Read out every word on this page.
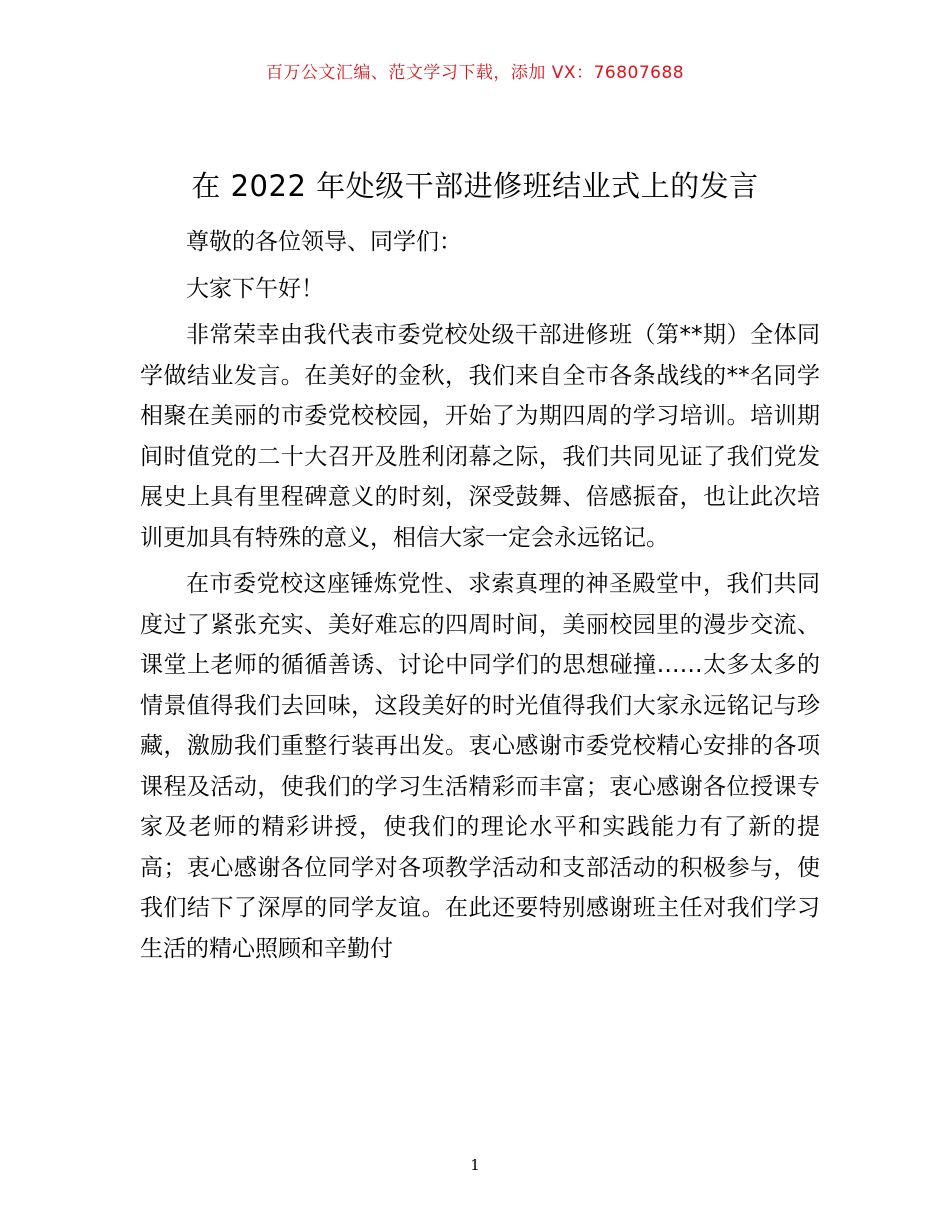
百万公文汇编、范文学习下载，添加 VX：76807688
在 2022 年处级干部进修班结业式上的发言

尊敬的各位领导、同学们：

大家下午好！

非常荣幸由我代表市委党校处级干部进修班（第**期）全体同学做结业发言。在美好的金秋，我们来自全市各条战线的**名同学相聚在美丽的市委党校校园，开始了为期四周的学习培训。培训期间时值党的二十大召开及胜利闭幕之际，我们共同见证了我们党发展史上具有里程碑意义的时刻，深受鼓舞、倍感振奋，也让此次培训更加具有特殊的意义，相信大家一定会永远铭记。

在市委党校这座锤炼党性、求索真理的神圣殿堂中，我们共同度过了紧张充实、美好难忘的四周时间，美丽校园里的漫步交流、课堂上老师的循循善诱、讨论中同学们的思想碰撞……太多太多的情景值得我们去回味，这段美好的时光值得我们大家永远铭记与珍藏，激励我们重整行装再出发。衷心感谢市委党校精心安排的各项课程及活动，使我们的学习生活精彩而丰富；衷心感谢各位授课专家及老师的精彩讲授，使我们的理论水平和实践能力有了新的提高；衷心感谢各位同学对各项教学活动和支部活动的积极参与，使我们结下了深厚的同学友谊。在此还要特别感谢班主任对我们学习生活的精心照顾和辛勤付

1
